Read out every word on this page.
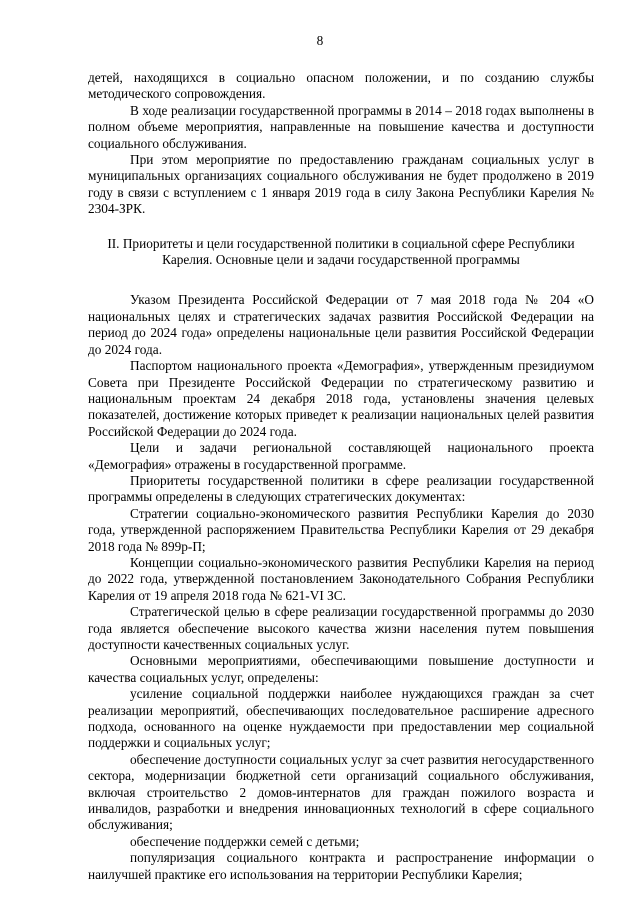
8

детей, находящихся в социально опасном положении, и по созданию службы методического сопровождения.

В ходе реализации государственной программы в 2014 – 2018 годах выполнены в полном объеме мероприятия, направленные на повышение качества и доступности социального обслуживания.

При этом мероприятие по предоставлению гражданам социальных услуг в муниципальных организациях социального обслуживания не будет продолжено в 2019 году в связи с вступлением с 1 января 2019 года в силу Закона Республики Карелия № 2304-ЗРК.

II. Приоритеты и цели государственной политики в социальной сфере Республики Карелия. Основные цели и задачи государственной программы

Указом Президента Российской Федерации от 7 мая 2018 года № 204 «О национальных целях и стратегических задачах развития Российской Федерации на период до 2024 года» определены национальные цели развития Российской Федерации до 2024 года.

Паспортом национального проекта «Демография», утвержденным президиумом Совета при Президенте Российской Федерации по стратегическому развитию и национальным проектам 24 декабря 2018 года, установлены значения целевых показателей, достижение которых приведет к реализации национальных целей развития Российской Федерации до 2024 года.

Цели и задачи региональной составляющей национального проекта «Демография» отражены в государственной программе.

Приоритеты государственной политики в сфере реализации государственной программы определены в следующих стратегических документах:

Стратегии социально-экономического развития Республики Карелия до 2030 года, утвержденной распоряжением Правительства Республики Карелия от 29 декабря 2018 года № 899р-П;

Концепции социально-экономического развития Республики Карелия на период до 2022 года, утвержденной постановлением Законодательного Собрания Республики Карелия от 19 апреля 2018 года № 621-VI ЗС.

Стратегической целью в сфере реализации государственной программы до 2030 года является обеспечение высокого качества жизни населения путем повышения доступности качественных социальных услуг.

Основными мероприятиями, обеспечивающими повышение доступности и качества социальных услуг, определены:

усиление социальной поддержки наиболее нуждающихся граждан за счет реализации мероприятий, обеспечивающих последовательное расширение адресного подхода, основанного на оценке нуждаемости при предоставлении мер социальной поддержки и социальных услуг;

обеспечение доступности социальных услуг за счет развития негосударственного сектора, модернизации бюджетной сети организаций социального обслуживания, включая строительство 2 домов-интернатов для граждан пожилого возраста и инвалидов, разработки и внедрения инновационных технологий в сфере социального обслуживания;

обеспечение поддержки семей с детьми;

популяризация социального контракта и распространение информации о наилучшей практике его использования на территории Республики Карелия;
